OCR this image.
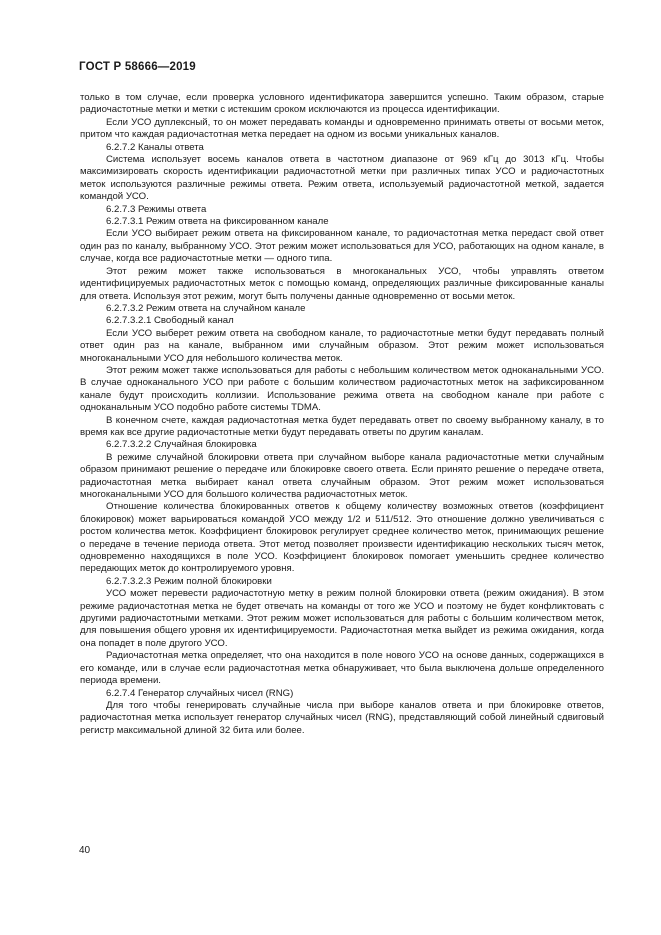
ГОСТ Р 58666—2019

только в том случае, если проверка условного идентификатора завершится успешно. Таким образом, старые радиочастотные метки и метки с истекшим сроком исключаются из процесса идентификации.

Если УСО дуплексный, то он может передавать команды и одновременно принимать ответы от восьми меток, притом что каждая радиочастотная метка передает на одном из восьми уникальных каналов.

6.2.7.2 Каналы ответа

Система использует восемь каналов ответа в частотном диапазоне от 969 кГц до 3013 кГц. Чтобы максимизировать скорость идентификации радиочастотной метки при различных типах УСО и радиочастотных меток используются различные режимы ответа. Режим ответа, используемый радиочастотной меткой, задается командой УСО.

6.2.7.3 Режимы ответа

6.2.7.3.1 Режим ответа на фиксированном канале

Если УСО выбирает режим ответа на фиксированном канале, то радиочастотная метка передаст свой ответ один раз по каналу, выбранному УСО. Этот режим может использоваться для УСО, работающих на одном канале, в случае, когда все радиочастотные метки — одного типа.

Этот режим может также использоваться в многоканальных УСО, чтобы управлять ответом идентифицируемых радиочастотных меток с помощью команд, определяющих различные фиксированные каналы для ответа. Используя этот режим, могут быть получены данные одновременно от восьми меток.

6.2.7.3.2 Режим ответа на случайном канале

6.2.7.3.2.1 Свободный канал

Если УСО выберет режим ответа на свободном канале, то радиочастотные метки будут передавать полный ответ один раз на канале, выбранном ими случайным образом. Этот режим может использоваться многоканальными УСО для небольшого количества меток.

Этот режим может также использоваться для работы с небольшим количеством меток одноканальными УСО. В случае одноканального УСО при работе с большим количеством радиочастотных меток на зафиксированном канале будут происходить коллизии. Использование режима ответа на свободном канале при работе с одноканальным УСО подобно работе системы TDMA.

В конечном счете, каждая радиочастотная метка будет передавать ответ по своему выбранному каналу, в то время как все другие радиочастотные метки будут передавать ответы по другим каналам.

6.2.7.3.2.2 Случайная блокировка

В режиме случайной блокировки ответа при случайном выборе канала радиочастотные метки случайным образом принимают решение о передаче или блокировке своего ответа. Если принято решение о передаче ответа, радиочастотная метка выбирает канал ответа случайным образом. Этот режим может использоваться многоканальными УСО для большого количества радиочастотных меток.

Отношение количества блокированных ответов к общему количеству возможных ответов (коэффициент блокировок) может варьироваться командой УСО между 1/2 и 511/512. Это отношение должно увеличиваться с ростом количества меток. Коэффициент блокировок регулирует среднее количество меток, принимающих решение о передаче в течение периода ответа. Этот метод позволяет произвести идентификацию нескольких тысяч меток, одновременно находящихся в поле УСО. Коэффициент блокировок помогает уменьшить среднее количество передающих меток до контролируемого уровня.

6.2.7.3.2.3 Режим полной блокировки

УСО может перевести радиочастотную метку в режим полной блокировки ответа (режим ожидания). В этом режиме радиочастотная метка не будет отвечать на команды от того же УСО и поэтому не будет конфликтовать с другими радиочастотными метками. Этот режим может использоваться для работы с большим количеством меток, для повышения общего уровня их идентифицируемости. Радиочастотная метка выйдет из режима ожидания, когда она попадет в поле другого УСО.

Радиочастотная метка определяет, что она находится в поле нового УСО на основе данных, содержащихся в его команде, или в случае если радиочастотная метка обнаруживает, что была выключена дольше определенного периода времени.

6.2.7.4 Генератор случайных чисел (RNG)

Для того чтобы генерировать случайные числа при выборе каналов ответа и при блокировке ответов, радиочастотная метка использует генератор случайных чисел (RNG), представляющий собой линейный сдвиговый регистр максимальной длиной 32 бита или более.

40
